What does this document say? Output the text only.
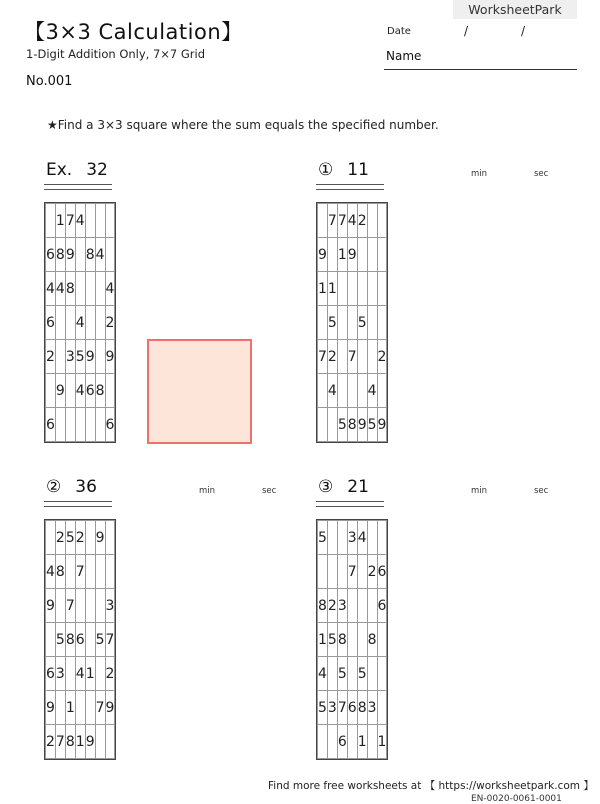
【3×3 Calculation】
1-Digit Addition Only, 7×7 Grid
No.001
WorksheetPark
Date	/	/
Name
★Find a 3×3 square where the sum equals the specified number.
Ex. 32
	1	7	4			
6	8	9		8	4	
4	4	8				4
6			4			2
2		3	5	9		9
	9		4	6	8	
6						6
① 11	min	sec
	7	7	4	2		
9		1	9			
1	1					
	5			5		
7	2		7			2
	4				4	
		5	8	9	5	9
② 36	min	sec
	2	5	2		9	
4	8		7			
9		7				3
	5	8	6		5	7
6	3		4	1		2
9		1			7	9
2	7	8	1	9		
③ 21	min	sec
5			3	4		
			7		2	6
8	2	3				6
1	5	8			8	
4		5		5		
5	3	7	6	8	3	
		6		1		1
Find more free worksheets at 【 https://worksheetpark.com 】
EN-0020-0061-0001
